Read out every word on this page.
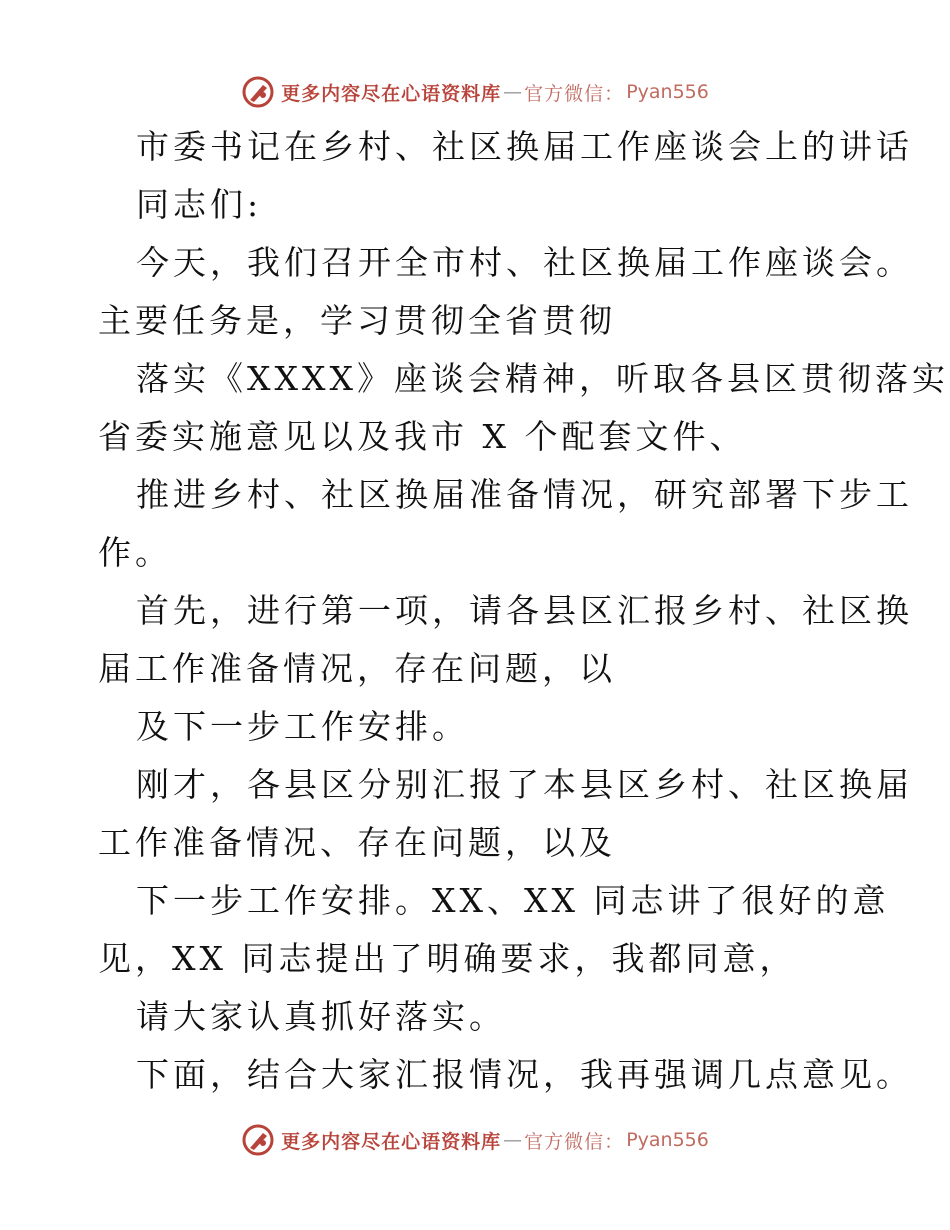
更多内容尽在心语资料库 — 官方微信： Pyan556
市委书记在乡村、社区换届工作座谈会上的讲话
同志们:
今天，我们召开全市村、社区换届工作座谈会。
主要任务是，学习贯彻全省贯彻
落实《XXXX》座谈会精神，听取各县区贯彻落实
省委实施意见以及我市 X 个配套文件、
推进乡村、社区换届准备情况，研究部署下步工
作。
首先，进行第一项，请各县区汇报乡村、社区换
届工作准备情况，存在问题，以
及下一步工作安排。
刚才，各县区分别汇报了本县区乡村、社区换届
工作准备情况、存在问题，以及
下一步工作安排。XX、XX 同志讲了很好的意
见，XX 同志提出了明确要求，我都同意，
请大家认真抓好落实。
下面，结合大家汇报情况，我再强调几点意见。
更多内容尽在心语资料库 — 官方微信： Pyan556
